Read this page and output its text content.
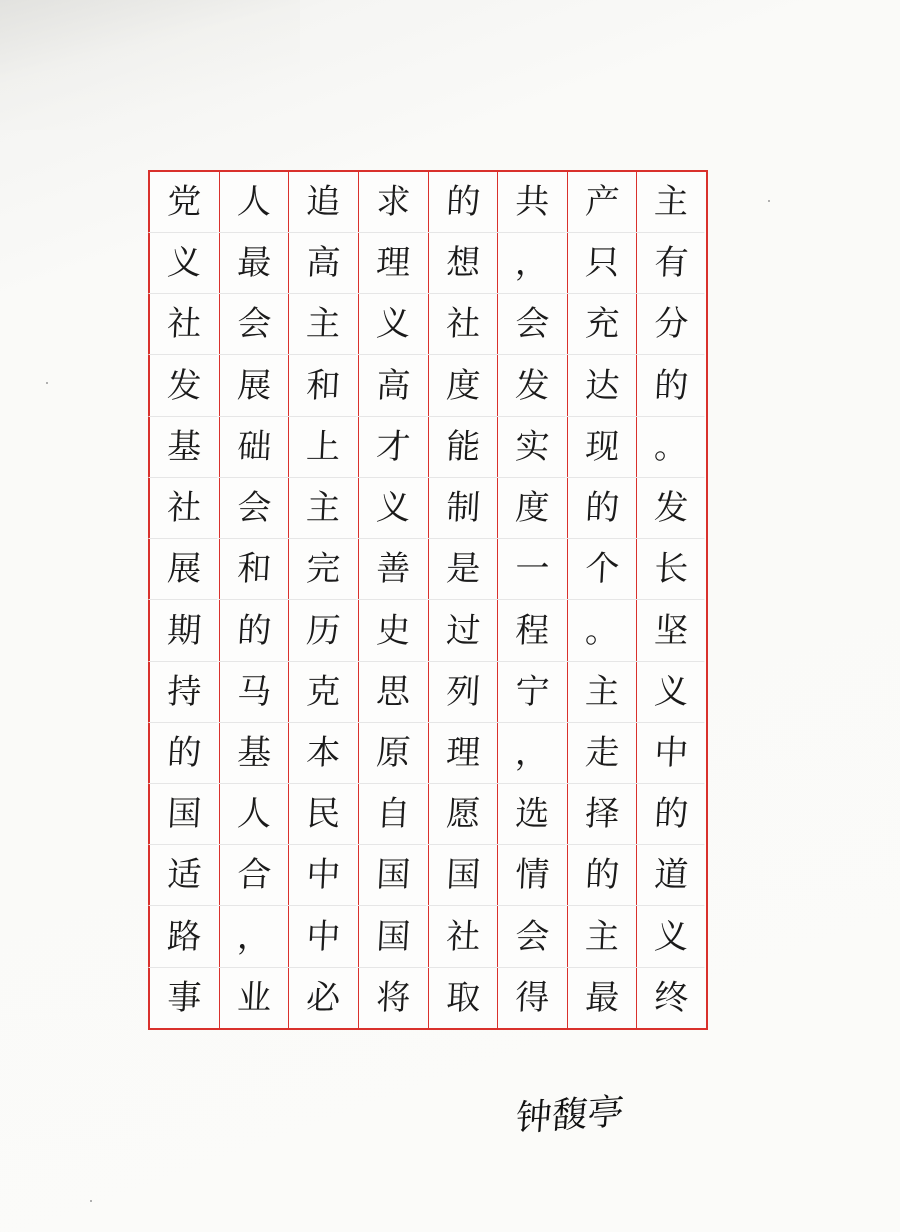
党
义
社
发
基
社
展
期
持
的
国
适
路
事
人
最
会
展
础
会
和
的
马
基
人
合
，
业
追
高
主
和
上
主
完
历
克
本
民
中
中
必
求
理
义
高
才
义
善
史
思
原
自
国
国
将
的
想
社
度
能
制
是
过
列
理
愿
国
社
取
共
，
会
发
实
度
一
程
宁
，
选
情
会
得
产
只
充
达
现
的
个
。
主
走
择
的
主
最
主
有
分
的
。
发
长
坚
义
中
的
道
义
终
钟馥亭
